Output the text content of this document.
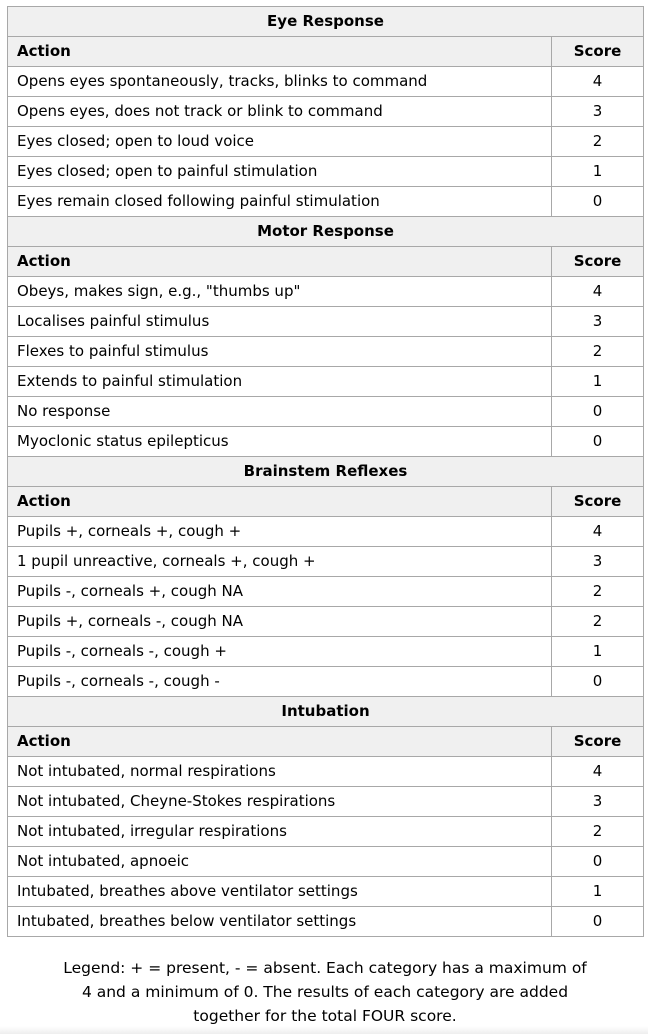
Eye Response	
Action	Score
Opens eyes spontaneously, tracks, blinks to command	4
Opens eyes, does not track or blink to command	3
Eyes closed; open to loud voice	2
Eyes closed; open to painful stimulation	1
Eyes remain closed following painful stimulation	0
Motor Response	
Action	Score
Obeys, makes sign, e.g., "thumbs up"	4
Localises painful stimulus	3
Flexes to painful stimulus	2
Extends to painful stimulation	1
No response	0
Myoclonic status epilepticus	0
Brainstem Reflexes	
Action	Score
Pupils +, corneals +, cough +	4
1 pupil unreactive, corneals +, cough +	3
Pupils -, corneals +, cough NA	2
Pupils +, corneals -, cough NA	2
Pupils -, corneals -, cough +	1
Pupils -, corneals -, cough -	0
Intubation	
Action	Score
Not intubated, normal respirations	4
Not intubated, Cheyne-Stokes respirations	3
Not intubated, irregular respirations	2
Not intubated, apnoeic	0
Intubated, breathes above ventilator settings	1
Intubated, breathes below ventilator settings	0
Legend: + = present, - = absent. Each category has a maximum of
4 and a minimum of 0. The results of each category are added
together for the total FOUR score.
